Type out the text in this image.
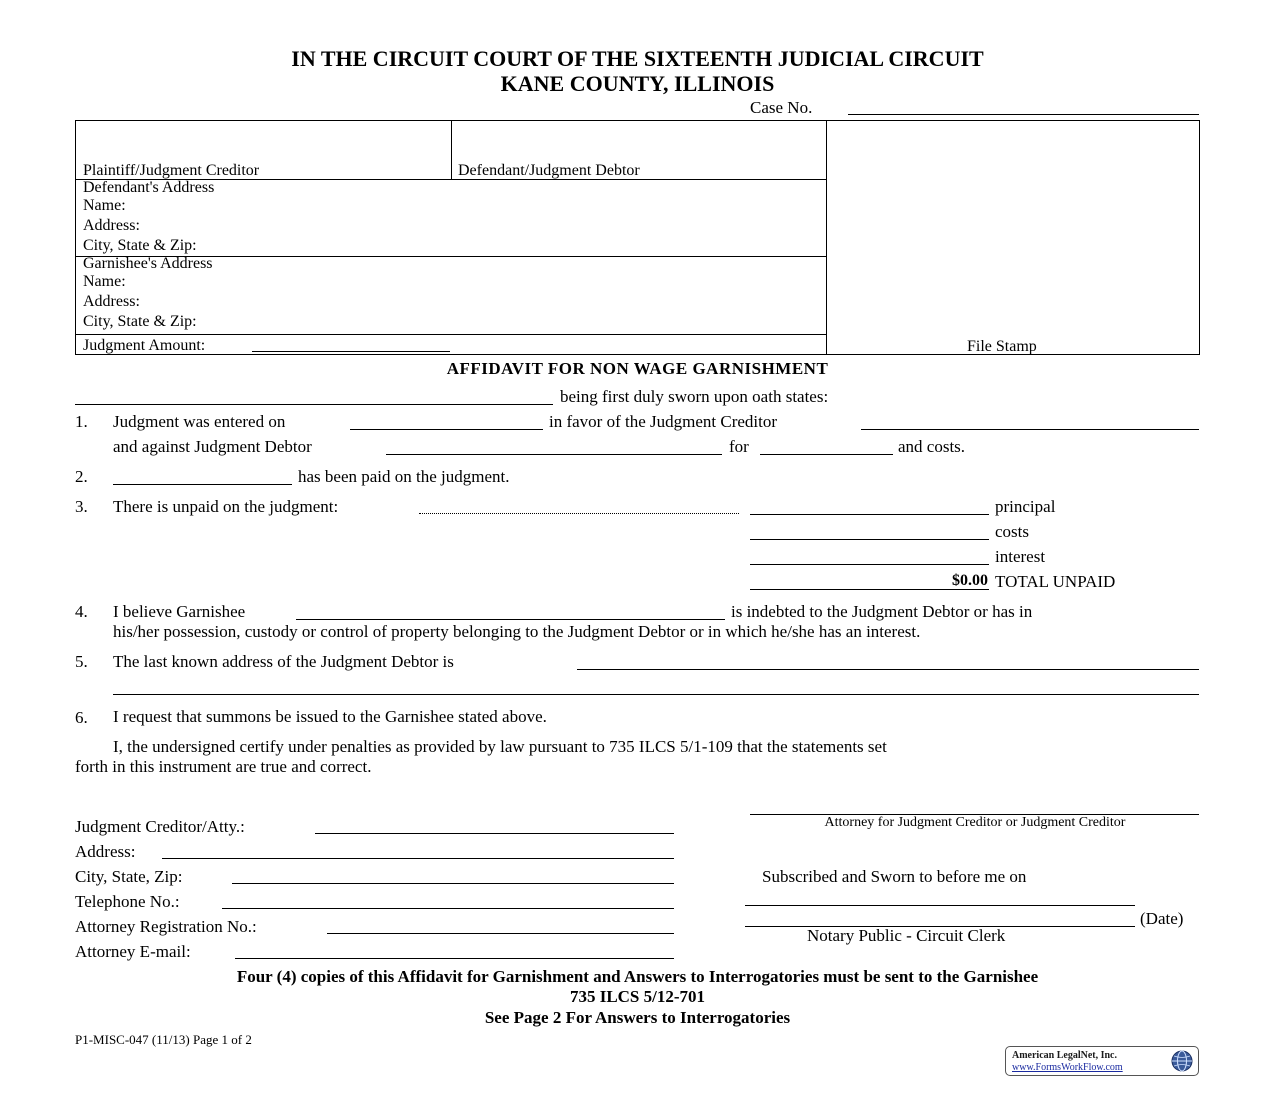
IN THE CIRCUIT COURT OF THE SIXTEENTH JUDICIAL CIRCUIT
KANE COUNTY, ILLINOIS
Case No.
Plaintiff/Judgment Creditor	Defendant/Judgment Debtor
Defendant's Address
Name:
Address:
City, State & Zip:
Garnishee's Address
Name:
Address:
City, State & Zip:
Judgment Amount:	File Stamp
AFFIDAVIT FOR NON WAGE GARNISHMENT
being first duly sworn upon oath states:
1. Judgment was entered on	in favor of the Judgment Creditor
and against Judgment Debtor	for	and costs.
2.	has been paid on the judgment.
3. There is unpaid on the judgment:	principal
costs
interest
$0.00 TOTAL UNPAID
4. I believe Garnishee	is indebted to the Judgment Debtor or has in
his/her possession, custody or control of property belonging to the Judgment Debtor or in which he/she has an interest.
5. The last known address of the Judgment Debtor is
6. I request that summons be issued to the Garnishee stated above.
I, the undersigned certify under penalties as provided by law pursuant to 735 ILCS 5/1-109 that the statements set
forth in this instrument are true and correct.
Attorney for Judgment Creditor or Judgment Creditor
Subscribed and Sworn to before me on
(Date)
Notary Public - Circuit Clerk
Judgment Creditor/Atty.:
Address:
City, State, Zip:
Telephone No.:
Attorney Registration No.:
Attorney E-mail:
Four (4) copies of this Affidavit for Garnishment and Answers to Interrogatories must be sent to the Garnishee
735 ILCS 5/12-701
See Page 2 For Answers to Interrogatories
P1-MISC-047 (11/13) Page 1 of 2
American LegalNet, Inc.
www.FormsWorkFlow.com
